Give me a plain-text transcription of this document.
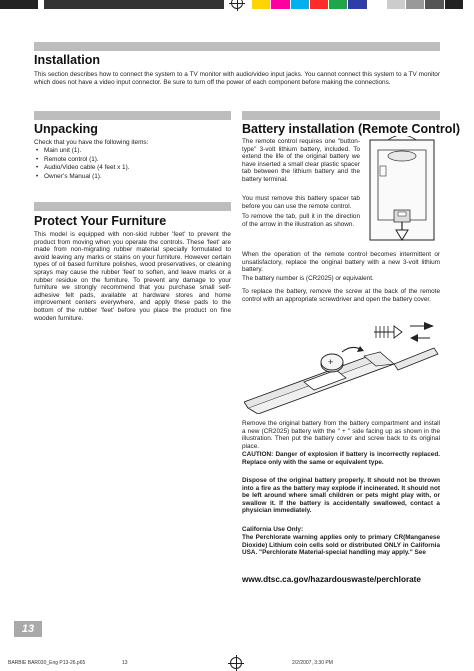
Installation
This section describes how to connect the system to a TV monitor with audio/video input jacks. You cannot connect this system to a TV monitor which does not have a video input connector. Be sure to turn off the power of each component before making the connections.
Unpacking
Check that you have the following items:
• Main unit (1).
• Remote control (1).
• Audio/Video cable (4 feet x 1).
• Owner’s Manual (1).
Protect Your Furniture
This model is equipped with non-skid rubber 'feet' to prevent the product from moving when you operate the controls. These 'feet' are made from non-migrating rubber material specially formulated to avoid leaving any marks or stains on your furniture. However certain types of oil based furniture polishes, wood preservatives, or cleaning sprays may cause the rubber 'feet' to soften, and leave marks or a rubber residue on the furniture. To prevent any damage to your furniture we strongly recommend that you purchase small self-adhesive felt pads, available at hardware stores and home improvement centers everywhere, and apply these pads to the bottom of the rubber 'feet' before you place the product on fine wooden furniture.
Battery installation (Remote Control)
The remote control requires one "button-type" 3-volt lithium battery, included. To extend the life of the original battery we have inserted a small clear plastic spacer tab between the lithium battery and the battery terminal.
You must remove this battery spacer tab before you can use the remote control.
To remove the tab, pull it in the direction of the arrow in the illustration as shown.
When the operation of the remote control becomes intermittent or unsatisfactory, replace the original battery with a new 3-volt lithium battery.
The battery number is (CR2025) or equivalent.
To replace the battery, remove the screw at the back of the remote control with an appropriate screwdriver and open the battery cover.
+
Remove the original battery from the battery compartment and install a new (CR2025) battery with the " + " side facing up as shown in the illustration. Then put the battery cover and screw back to its original place.
CAUTION: Danger of explosion if battery is incorrectly replaced. Replace only with the same or equivalent type.
Dispose of the original battery properly. It should not be thrown into a fire as the battery may explode if incinerated. It should not be left around where small children or pets might play with, or swallow it. If the battery is accidentally swallowed, contact a physician immediately.
California Use Only:
The Perchlorate warning applies only to primary CR(Manganese Dioxide) Lithium coin cells sold or distributed ONLY in California USA. "Perchlorate Material-special handling may apply." See
www.dtsc.ca.gov/hazardouswaste/perchlorate
13
BARBIE BAR030_Eng P13-26.p65	13	2/2/2007, 3:30 PM
